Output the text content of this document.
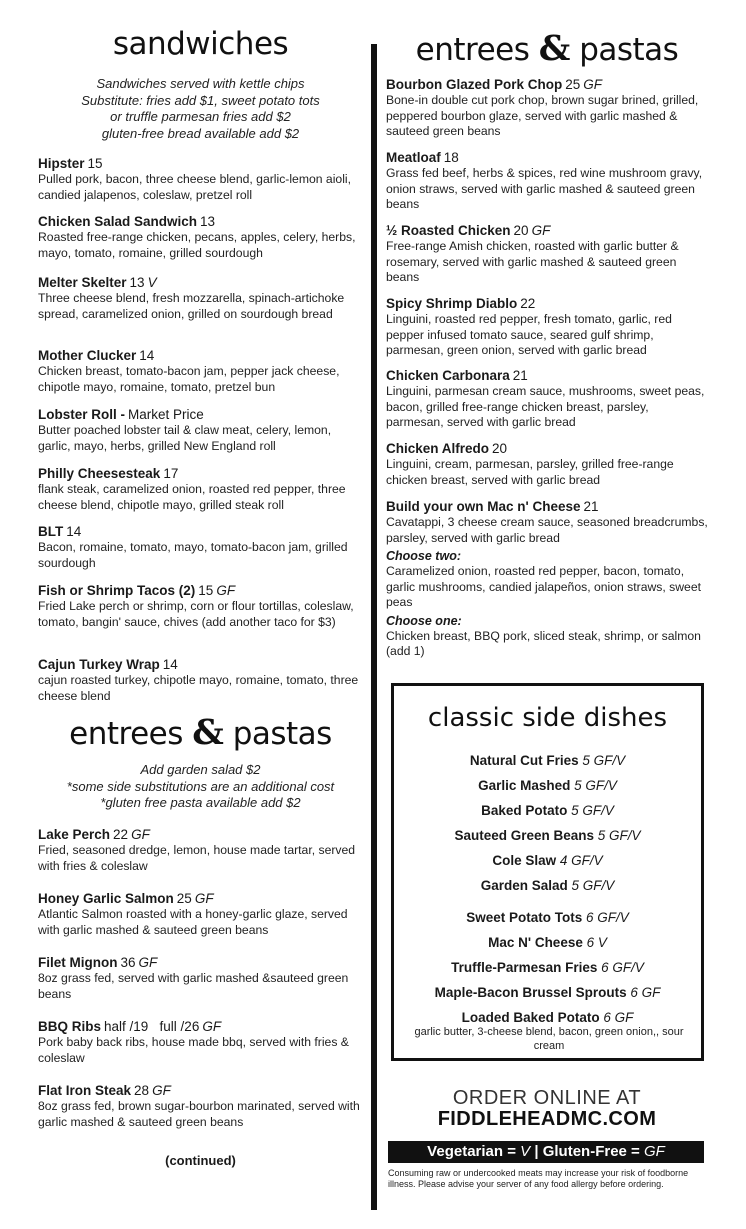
sandwiches
Sandwiches served with kettle chips
Substitute: fries add $1, sweet potato tots
or truffle parmesan fries add $2
gluten-free bread available add $2
Hipster 15
Pulled pork, bacon, three cheese blend, garlic-lemon aioli, candied jalapenos, coleslaw, pretzel roll
Chicken Salad Sandwich 13
Roasted free-range chicken, pecans, apples, celery, herbs, mayo, tomato, romaine, grilled sourdough
Melter Skelter 13 V
Three cheese blend, fresh mozzarella, spinach-artichoke spread, caramelized onion, grilled on sourdough bread
Mother Clucker 14
Chicken breast, tomato-bacon jam, pepper jack cheese, chipotle mayo, romaine, tomato, pretzel bun
Lobster Roll - Market Price
Butter poached lobster tail & claw meat, celery, lemon, garlic, mayo, herbs, grilled New England roll
Philly Cheesesteak 17
flank steak, caramelized onion, roasted red pepper, three cheese blend, chipotle mayo, grilled steak roll
BLT 14
Bacon, romaine, tomato, mayo, tomato-bacon jam, grilled sourdough
Fish or Shrimp Tacos (2) 15 GF
Fried Lake perch or shrimp, corn or flour tortillas, coleslaw, tomato, bangin' sauce, chives (add another taco for $3)
Cajun Turkey Wrap 14
cajun roasted turkey, chipotle mayo, romaine, tomato, three cheese blend
entrees & pastas
Add garden salad $2
*some side substitutions are an additional cost
*gluten free pasta available add $2
Lake Perch 22 GF
Fried, seasoned dredge, lemon, house made tartar, served with fries & coleslaw
Honey Garlic Salmon 25 GF
Atlantic Salmon roasted with a honey-garlic glaze, served with garlic mashed & sauteed green beans
Filet Mignon 36 GF
8oz grass fed, served with garlic mashed &sauteed green beans
BBQ Ribs half /19   full /26 GF
Pork baby back ribs, house made bbq, served with fries & coleslaw
Flat Iron Steak 28 GF
8oz grass fed, brown sugar-bourbon marinated, served with garlic mashed & sauteed green beans
(continued)
entrees & pastas
Bourbon Glazed Pork Chop 25 GF
Bone-in double cut pork chop, brown sugar brined, grilled, peppered bourbon glaze, served with garlic mashed & sauteed green beans
Meatloaf 18
Grass fed beef, herbs & spices, red wine mushroom gravy, onion straws, served with garlic mashed & sauteed green beans
½ Roasted Chicken 20 GF
Free-range Amish chicken, roasted with garlic butter & rosemary, served with garlic mashed & sauteed green beans
Spicy Shrimp Diablo 22
Linguini, roasted red pepper, fresh tomato, garlic, red pepper infused tomato sauce, seared gulf shrimp, parmesan, green onion, served with garlic bread
Chicken Carbonara 21
Linguini, parmesan cream sauce, mushrooms, sweet peas, bacon, grilled free-range chicken breast, parsley, parmesan, served with garlic bread
Chicken Alfredo 20
Linguini, cream, parmesan, parsley, grilled free-range chicken breast, served with garlic bread
Build your own Mac n' Cheese 21
Cavatappi, 3 cheese cream sauce, seasoned breadcrumbs, parsley, served with garlic bread
Choose two:
Caramelized onion, roasted red pepper, bacon, tomato, garlic mushrooms, candied jalapeños, onion straws, sweet peas
Choose one:
Chicken breast, BBQ pork, sliced steak, shrimp, or salmon (add 1)
classic side dishes
Natural Cut Fries 5 GF/V
Garlic Mashed 5 GF/V
Baked Potato 5 GF/V
Sauteed Green Beans 5 GF/V
Cole Slaw 4 GF/V
Garden Salad 5 GF/V
Sweet Potato Tots 6 GF/V
Mac N' Cheese 6 V
Truffle-Parmesan Fries 6 GF/V
Maple-Bacon Brussel Sprouts 6 GF
Loaded Baked Potato 6 GF
garlic butter, 3-cheese blend, bacon, green onion,, sour cream
ORDER ONLINE AT
FIDDLEHEADMC.COM
Vegetarian = V | Gluten-Free = GF
Consuming raw or undercooked meats may increase your risk of foodborne illness. Please advise your server of any food allergy before ordering.
